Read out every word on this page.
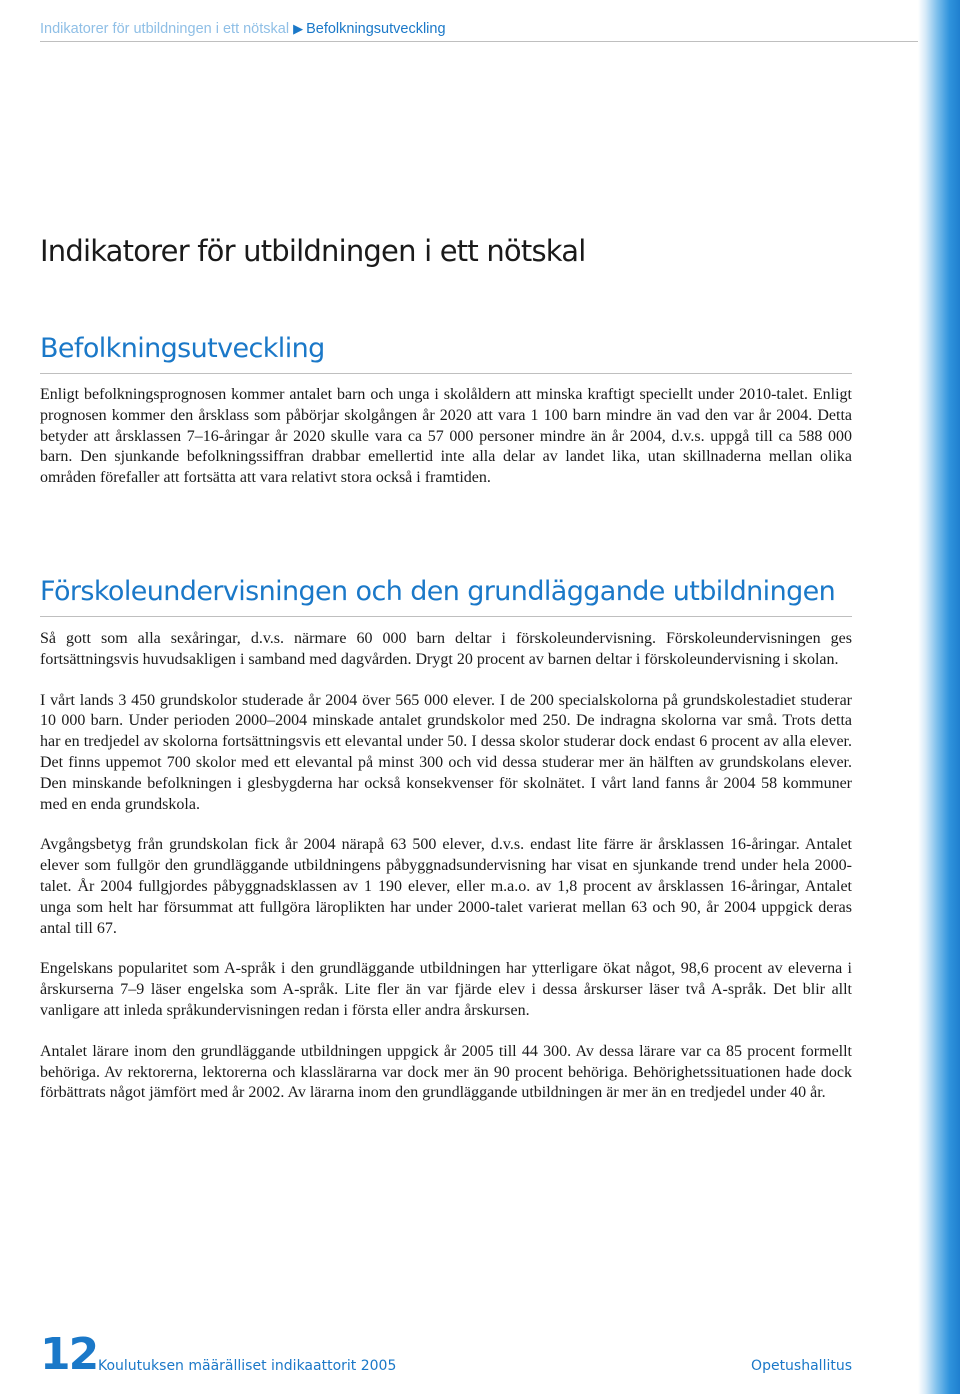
Indikatorer för utbildningen i ett nötskal ▶ Befolkningsutveckling
Indikatorer för utbildningen i ett nötskal
Befolkningsutveckling

Enligt befolkningsprognosen kommer antalet barn och unga i skolåldern att minska kraftigt speciellt under 2010-talet. Enligt prognosen kommer den årsklass som påbörjar skolgången år 2020 att vara 1 100 barn mindre än vad den var år 2004. Detta betyder att årsklassen 7–16-åringar år 2020 skulle vara ca 57 000 personer mindre än år 2004, d.v.s. uppgå till ca 588 000 barn. Den sjunkande befolkningssiffran drabbar emellertid inte alla delar av landet lika, utan skillnaderna mellan olika områden förefaller att fortsätta att vara relativt stora också i framtiden.

Förskoleundervisningen och den grundläggande utbildningen

Så gott som alla sexåringar, d.v.s. närmare 60 000 barn deltar i förskoleundervisning. Förskoleundervisningen ges fortsättningsvis huvudsakligen i samband med dagvården. Drygt 20 procent av barnen deltar i förskoleundervisning i skolan.

I vårt lands 3 450 grundskolor studerade år 2004 över 565 000 elever. I de 200 specialskolorna på grundskolestadiet studerar 10 000 barn. Under perioden 2000–2004 minskade antalet grundskolor med 250. De indragna skolorna var små. Trots detta har en tredjedel av skolorna fortsättningsvis ett elevantal under 50. I dessa skolor studerar dock endast 6 procent av alla elever. Det finns uppemot 700 skolor med ett elevantal på minst 300 och vid dessa studerar mer än hälften av grundskolans elever. Den minskande befolkningen i glesbygderna har också konsekvenser för skolnätet. I vårt land fanns år 2004 58 kommuner med en enda grundskola.

Avgångsbetyg från grundskolan fick år 2004 närapå 63 500 elever, d.v.s. endast lite färre är årsklassen 16-åringar. Antalet elever som fullgör den grundläggande utbildningens påbyggnadsundervisning har visat en sjunkande trend under hela 2000-talet. År 2004 fullgjordes påbyggnadsklassen av 1 190 elever, eller m.a.o. av 1,8 procent av årsklassen 16-åringar, Antalet unga som helt har försummat att fullgöra läroplikten har under 2000-talet varierat mellan 63 och 90, år 2004 uppgick deras antal till 67.

Engelskans popularitet som A-språk i den grundläggande utbildningen har ytterligare ökat något, 98,6 procent av eleverna i årskurserna 7–9 läser engelska som A-språk. Lite fler än var fjärde elev i dessa årskurser läser två A-språk. Det blir allt vanligare att inleda språkundervisningen redan i första eller andra årskursen.

Antalet lärare inom den grundläggande utbildningen uppgick år 2005 till 44 300. Av dessa lärare var ca 85 procent formellt behöriga. Av rektorerna, lektorerna och klasslärarna var dock mer än 90 procent behöriga. Behörighetssituationen hade dock förbättrats något jämfört med år 2002. Av lärarna inom den grundläggande utbildningen är mer än en tredjedel under 40 år.

12 Koulutuksen määrälliset indikaattorit 2005	Opetushallitus
